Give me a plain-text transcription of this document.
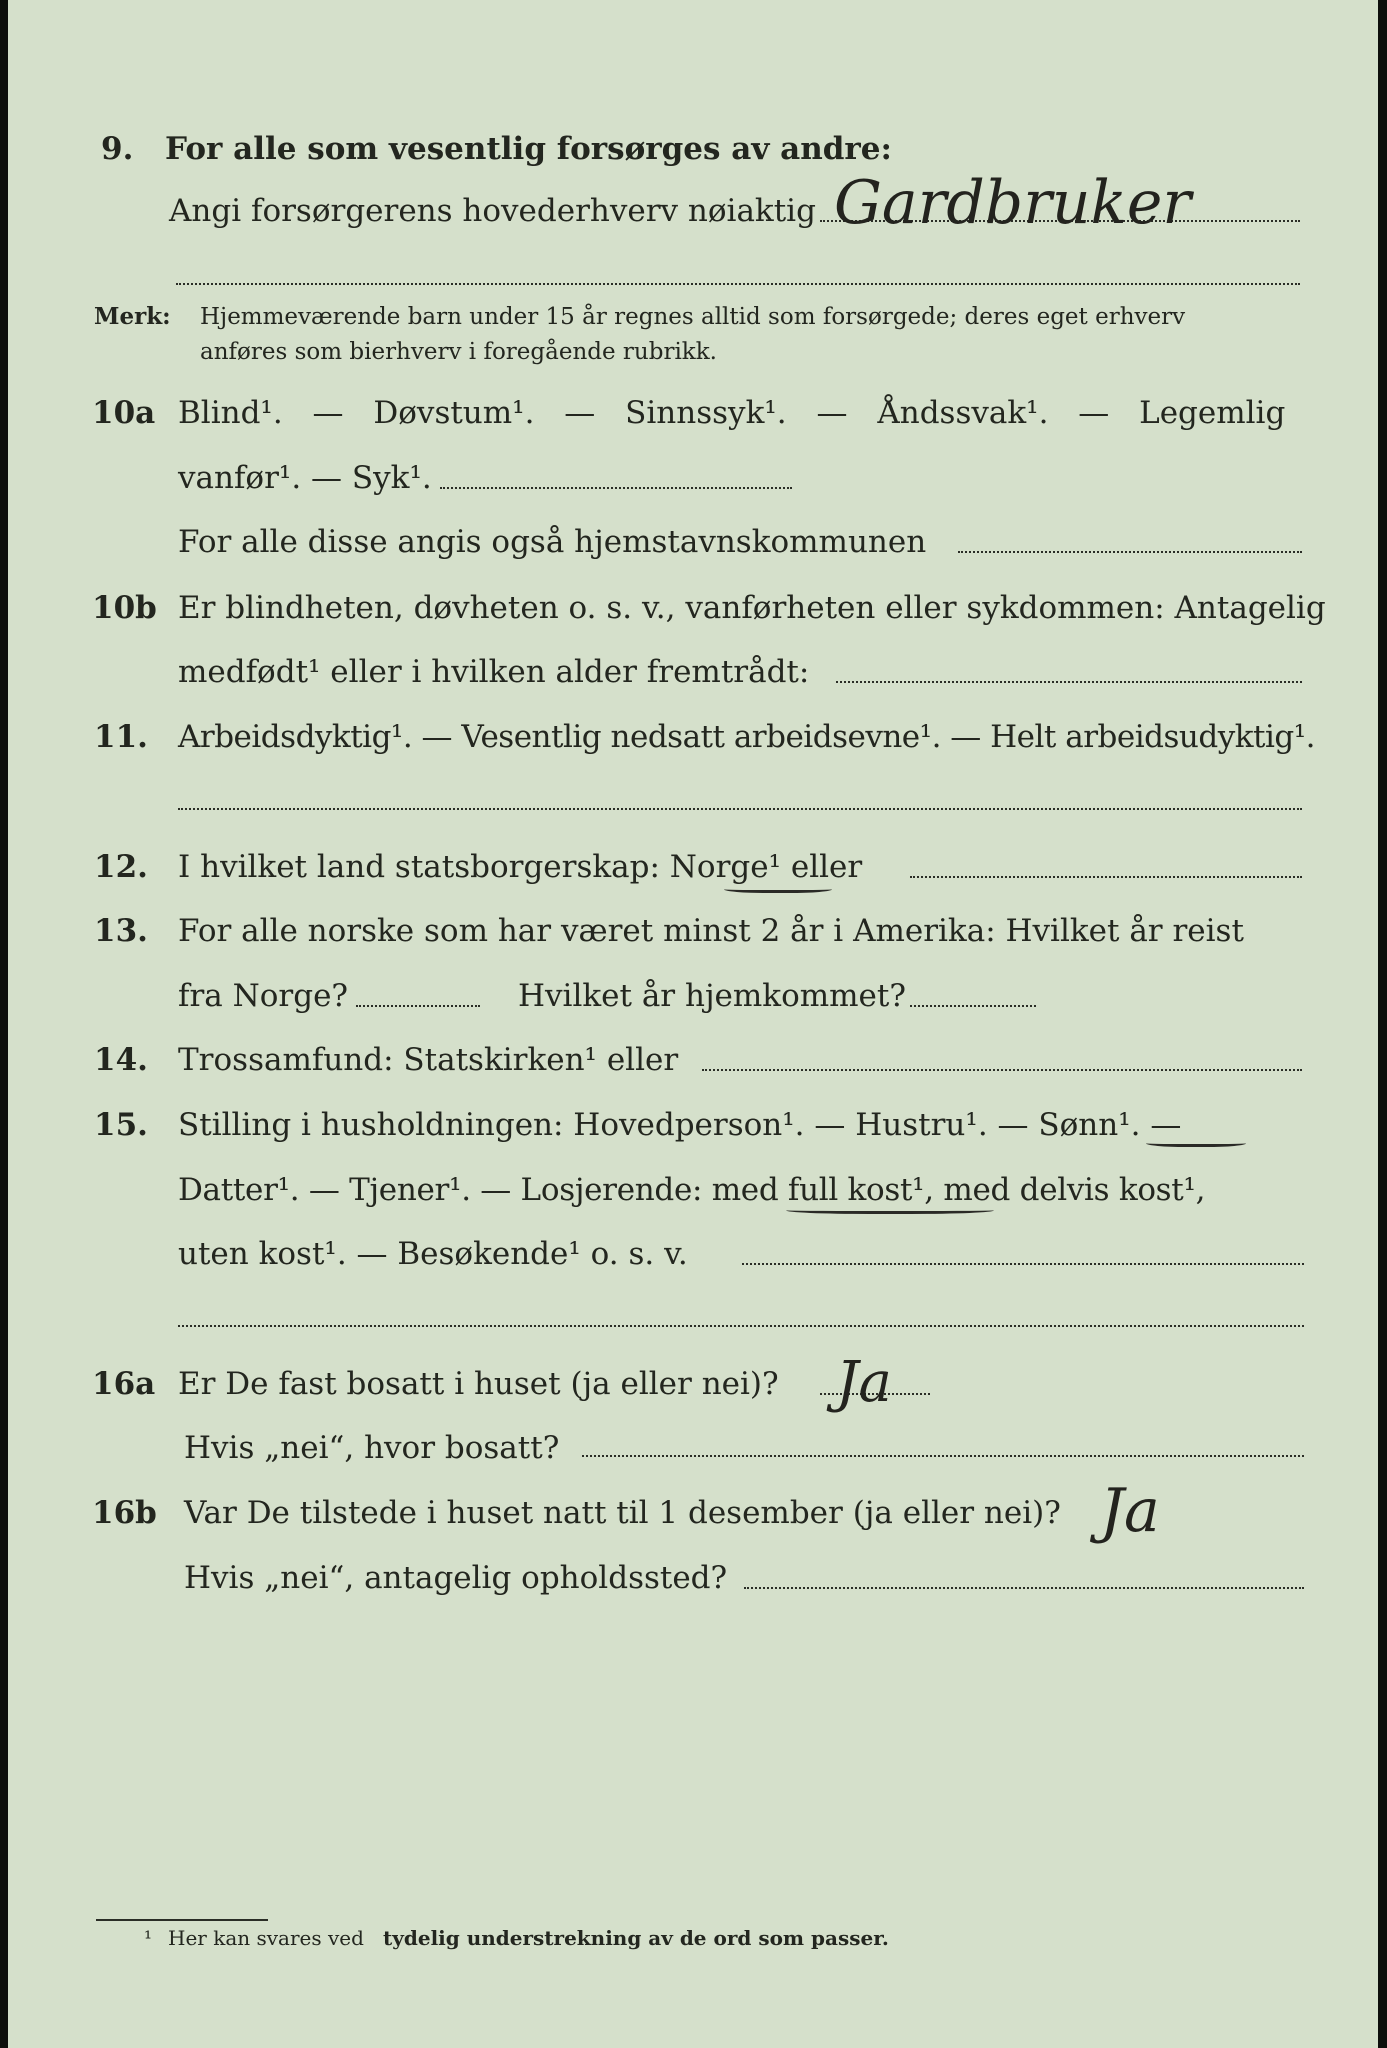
9. For alle som vesentlig forsørges av andre:
Angi forsørgerens hovederhverv nøiaktig Gardbruker
Merk: Hjemmeværende barn under 15 år regnes alltid som forsørgede; deres eget erhverv
anføres som bierhverv i foregående rubrikk.
10a Blind¹. — Døvstum¹. — Sinnssyk¹. — Åndssvak¹. — Legemlig
vanfør¹. — Syk¹.
For alle disse angis også hjemstavnskommunen
10b Er blindheten, døvheten o. s. v., vanførheten eller sykdommen: Antagelig
medfødt¹ eller i hvilken alder fremtrådt:
11. Arbeidsdyktig¹. — Vesentlig nedsatt arbeidsevne¹. — Helt arbeidsudyktig¹.
12. I hvilket land statsborgerskap: Norge¹ eller
13. For alle norske som har været minst 2 år i Amerika: Hvilket år reist
fra Norge?	Hvilket år hjemkommet?
14. Trossamfund: Statskirken¹ eller
15. Stilling i husholdningen: Hovedperson¹. — Hustru¹. — Sønn¹. —
Datter¹. — Tjener¹. — Losjerende: med full kost¹, med delvis kost¹,
uten kost¹. — Besøkende¹ o. s. v.
16a Er De fast bosatt i huset (ja eller nei)? Ja
Hvis „nei“, hvor bosatt?
16b Var De tilstede i huset natt til 1 desember (ja eller nei)? Ja
Hvis „nei“, antagelig opholdssted?
¹ Her kan svares ved tydelig understrekning av de ord som passer.
